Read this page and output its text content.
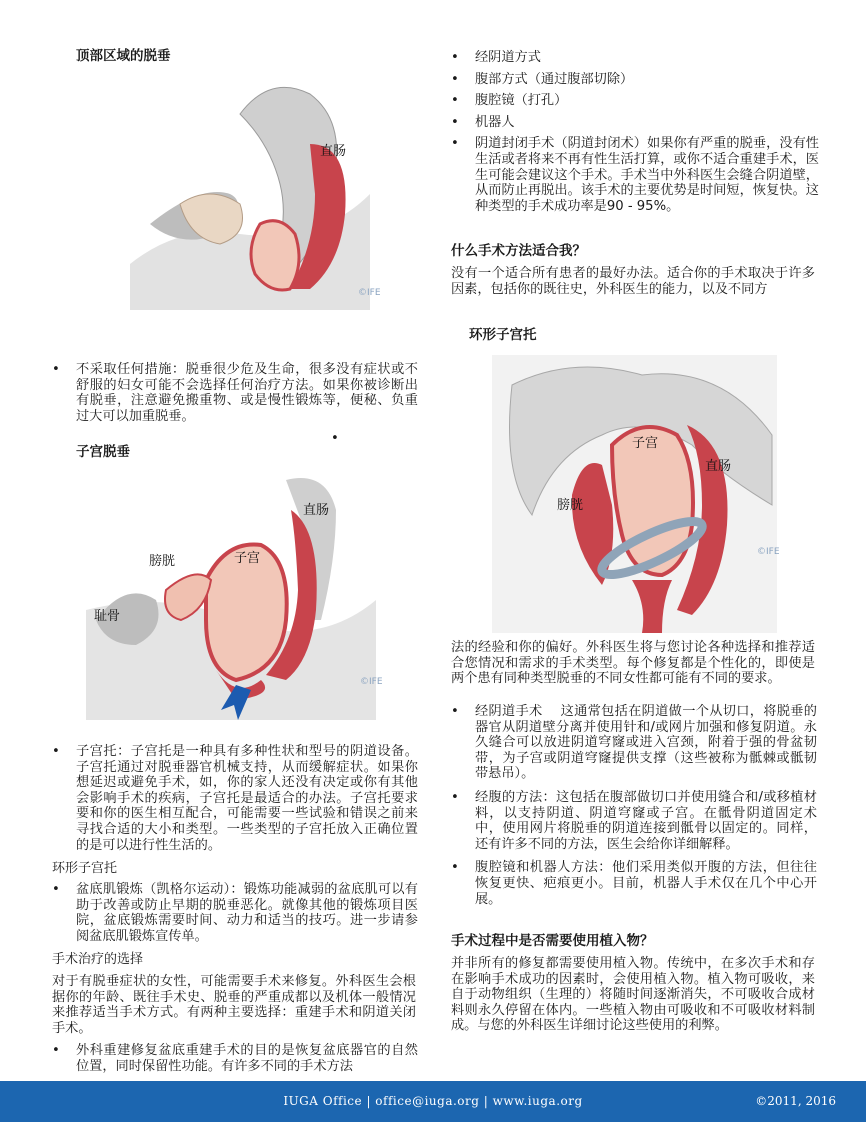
顶部区域的脱垂
直肠
©IFE
• 不采取任何措施：脱垂很少危及生命，很多没有症状或不舒服的妇女可能不会选择任何治疗方法。如果你被诊断出有脱垂，注意避免搬重物、或是慢性锻炼等，便秘、负重过大可以加重脱垂。
•
子宫脱垂
直肠
膀胱	子宫
耻骨
©IFE
• 子宫托：子宫托是一种具有多种性状和型号的阴道设备。子宫托通过对脱垂器官机械支持，从而缓解症状。如果你想延迟或避免手术，如，你的家人还没有决定或你有其他会影响手术的疾病，子宫托是最适合的办法。子宫托要求要和你的医生相互配合，可能需要一些试验和错误之前来寻找合适的大小和类型。一些类型的子宫托放入正确位置的是可以进行性生活的。
环形子宫托
• 盆底肌锻炼（凯格尔运动）：锻炼功能减弱的盆底肌可以有助于改善或防止早期的脱垂恶化。就像其他的锻炼项目医院，盆底锻炼需要时间、动力和适当的技巧。进一步请参阅盆底肌锻炼宣传单。
手术治疗的选择
对于有脱垂症状的女性，可能需要手术来修复。外科医生会根据你的年龄、既往手术史、脱垂的严重成都以及机体一般情况来推荐适当手术方式。有两种主要选择：重建手术和阴道关闭手术。
• 外科重建修复盆底重建手术的目的是恢复盆底器官的自然位置，同时保留性功能。有许多不同的手术方法
• 经阴道方式
• 腹部方式（通过腹部切除）
• 腹腔镜（打孔）
• 机器人
• 阴道封闭手术（阴道封闭术）如果你有严重的脱垂，没有性生活或者将来不再有性生活打算，或你不适合重建手术，医生可能会建议这个手术。手术当中外科医生会缝合阴道壁，从而防止再脱出。该手术的主要优势是时间短，恢复快。这种类型的手术成功率是90 - 95%。
什么手术方法适合我？
没有一个适合所有患者的最好办法。适合你的手术取决于许多因素，包括你的既往史，外科医生的能力，以及不同方
环形子宫托
子宫
直肠
膀胱
©IFE
法的经验和你的偏好。外科医生将与您讨论各种选择和推荐适合您情况和需求的手术类型。每个修复都是个性化的，即使是两个患有同种类型脱垂的不同女性都可能有不同的要求。
• 经阴道手术　 这通常包括在阴道做一个从切口，将脱垂的器官从阴道壁分离并使用针和/或网片加强和修复阴道。永久缝合可以放进阴道穹窿或进入宫颈，附着于强的骨盆韧带，为子宫或阴道穹窿提供支撑（这些被称为骶棘或骶韧带悬吊）。
• 经腹的方法：这包括在腹部做切口并使用缝合和/或移植材料，以支持阴道、阴道穹窿或子宫。在骶骨阴道固定术中，使用网片将脱垂的阴道连接到骶骨以固定的。同样，还有许多不同的方法，医生会给你详细解释。
• 腹腔镜和机器人方法：他们采用类似开腹的方法，但往往恢复更快、疤痕更小。目前，机器人手术仅在几个中心开展。
手术过程中是否需要使用植入物？
并非所有的修复都需要使用植入物。传统中，在多次手术和存在影响手术成功的因素时，会使用植入物。植入物可吸收，来自于动物组织（生理的）将随时间逐渐消失，不可吸收合成材料则永久停留在体内。一些植入物由可吸收和不可吸收材料制成。与您的外科医生详细讨论这些使用的利弊。
IUGA Office | office@iuga.org | www.iuga.org	©2011, 2016
